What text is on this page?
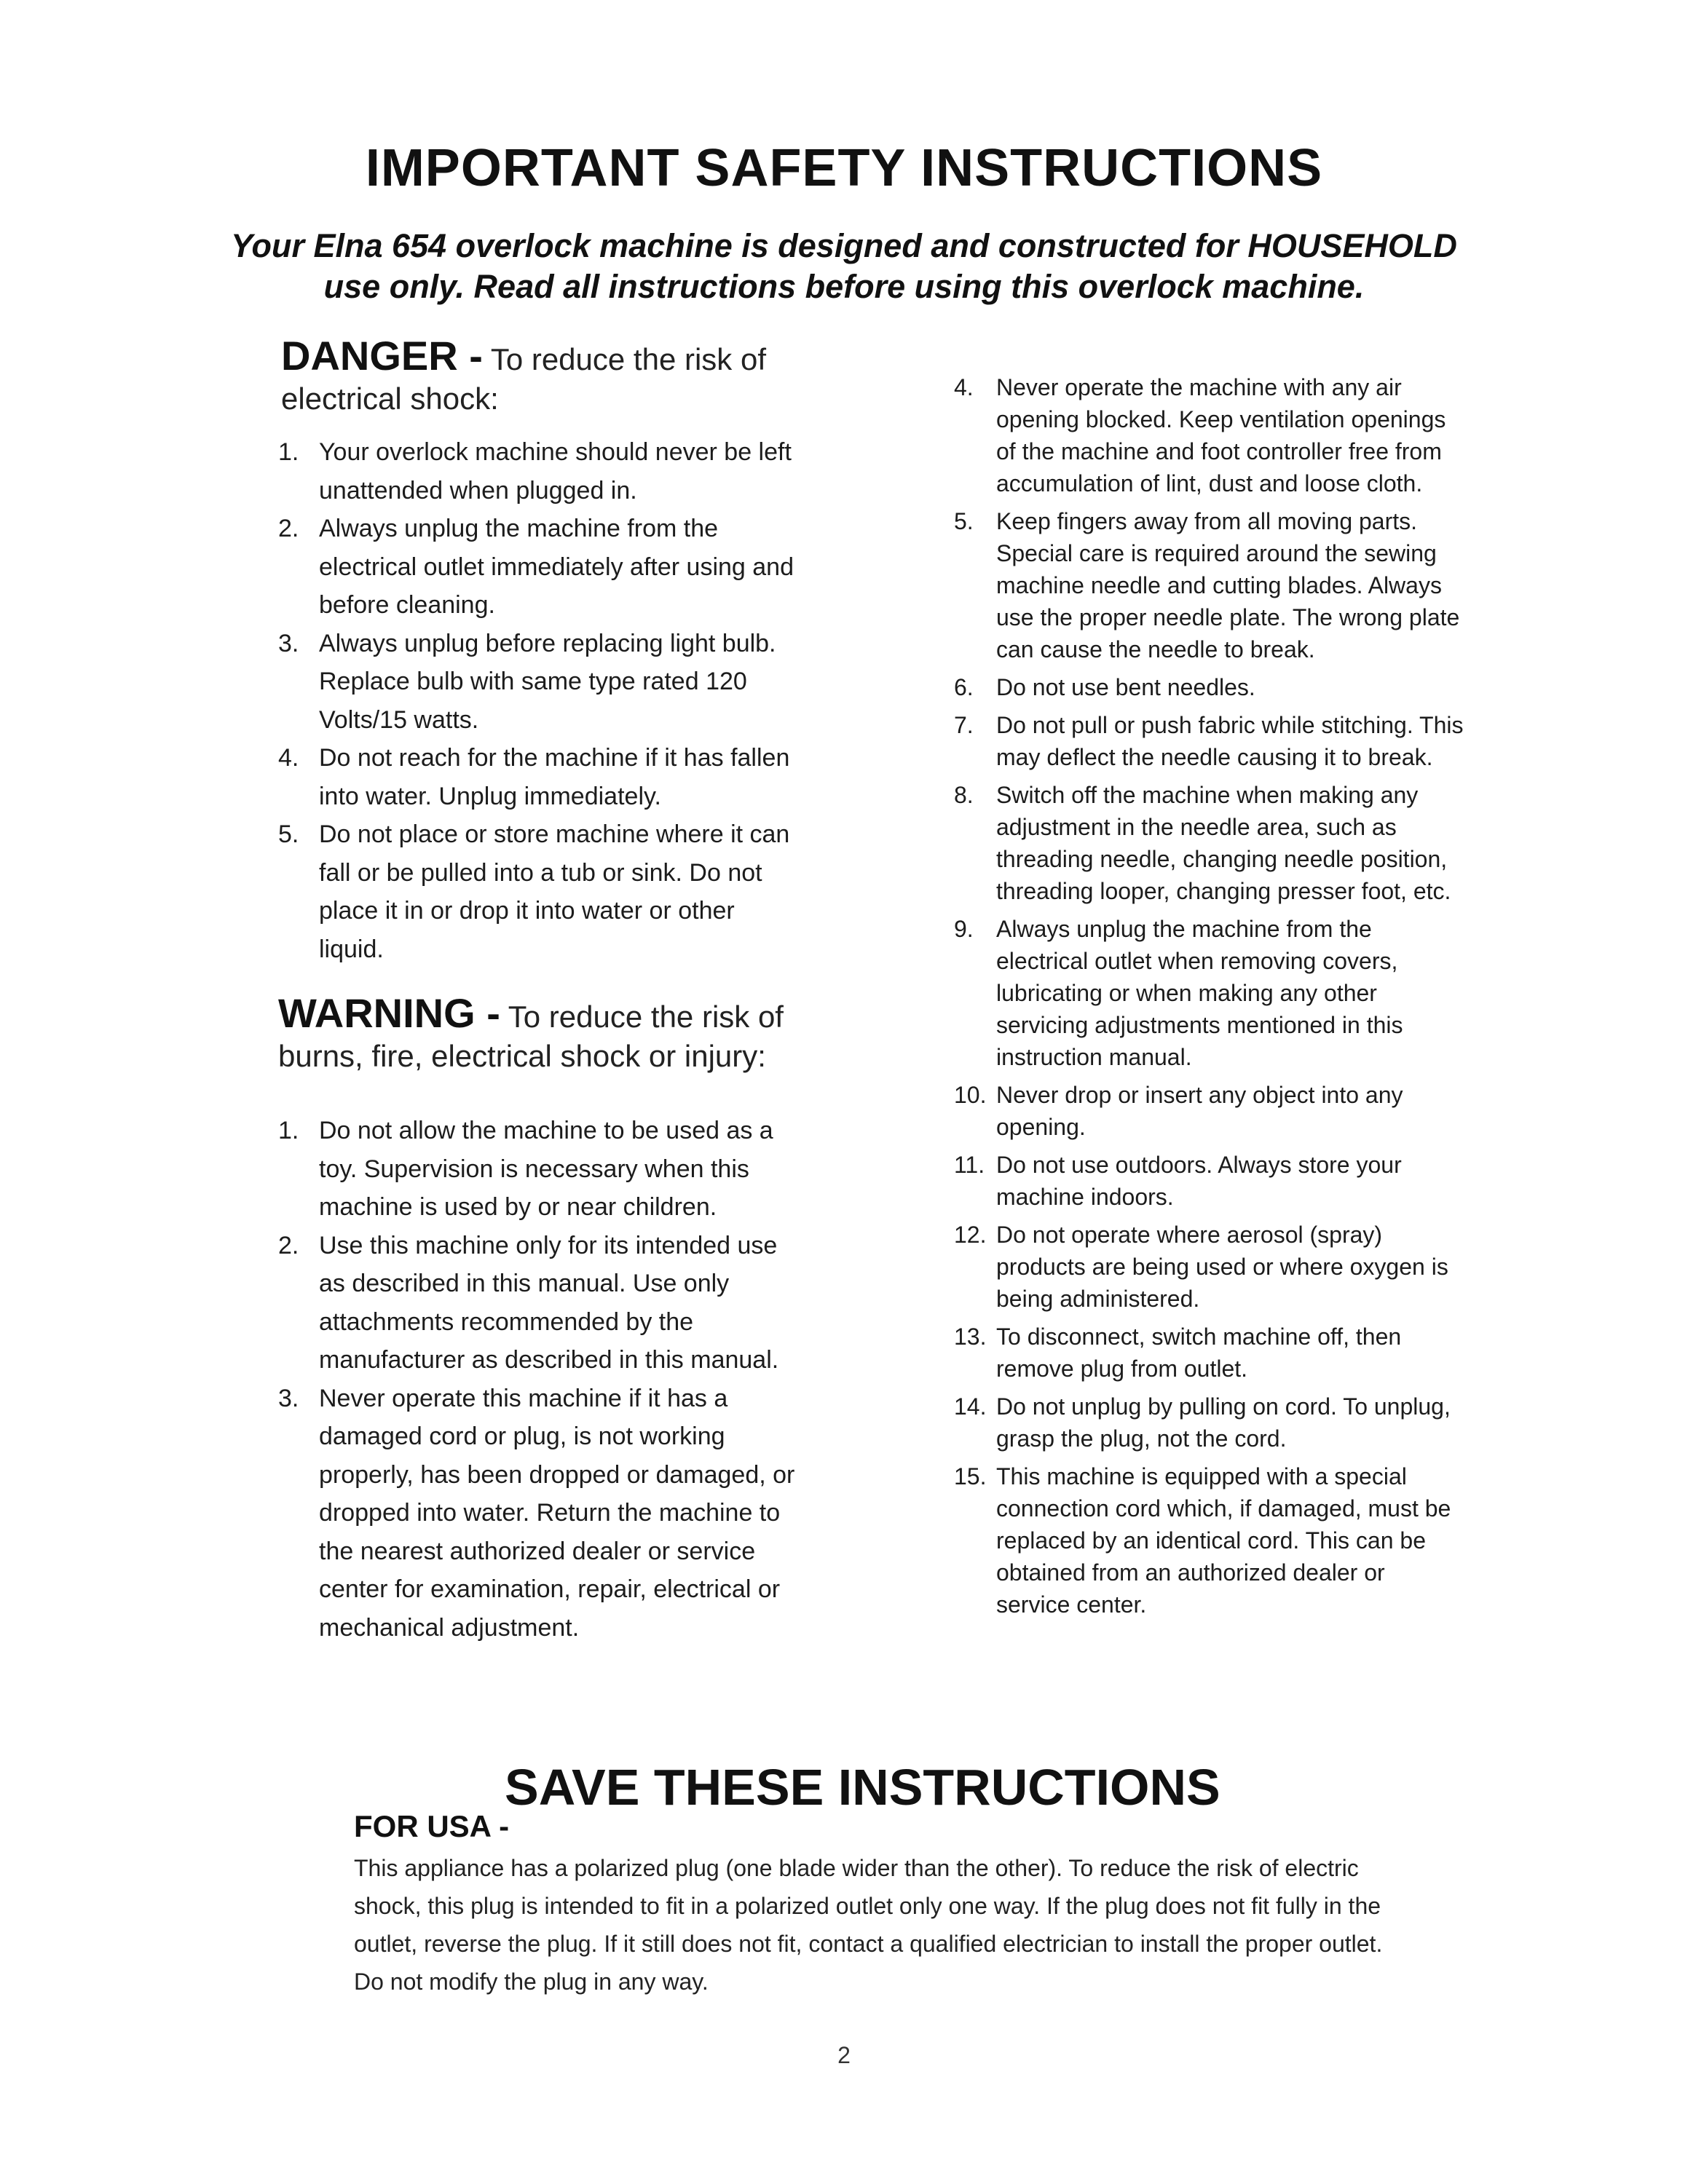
IMPORTANT SAFETY INSTRUCTIONS
Your Elna 654 overlock machine is designed and constructed for HOUSEHOLD use only. Read all instructions before using this overlock machine.
DANGER - To reduce the risk of electrical shock:
1. Your overlock machine should never be left unattended when plugged in.
2. Always unplug the machine from the electrical outlet immediately after using and before cleaning.
3. Always unplug before replacing light bulb. Replace bulb with same type rated 120 Volts/15 watts.
4. Do not reach for the machine if it has fallen into water. Unplug immediately.
5. Do not place or store machine where it can fall or be pulled into a tub or sink. Do not place it in or drop it into water or other liquid.
WARNING - To reduce the risk of burns, fire, electrical shock or injury:
1. Do not allow the machine to be used as a toy. Supervision is necessary when this machine is used by or near children.
2. Use this machine only for its intended use as described in this manual. Use only attachments recommended by the manufacturer as described in this manual.
3. Never operate this machine if it has a damaged cord or plug, is not working properly, has been dropped or damaged, or dropped into water. Return the machine to the nearest authorized dealer or service center for examination, repair, electrical or mechanical adjustment.
4. Never operate the machine with any air opening blocked. Keep ventilation openings of the machine and foot controller free from accumulation of lint, dust and loose cloth.
5. Keep fingers away from all moving parts. Special care is required around the sewing machine needle and cutting blades. Always use the proper needle plate. The wrong plate can cause the needle to break.
6. Do not use bent needles.
7. Do not pull or push fabric while stitching. This may deflect the needle causing it to break.
8. Switch off the machine when making any adjustment in the needle area, such as threading needle, changing needle position, threading looper, changing presser foot, etc.
9. Always unplug the machine from the electrical outlet when removing covers, lubricating or when making any other servicing adjustments mentioned in this instruction manual.
10. Never drop or insert any object into any opening.
11. Do not use outdoors. Always store your machine indoors.
12. Do not operate where aerosol (spray) products are being used or where oxygen is being administered.
13. To disconnect, switch machine off, then remove plug from outlet.
14. Do not unplug by pulling on cord. To unplug, grasp the plug, not the cord.
15. This machine is equipped with a special connection cord which, if damaged, must be replaced by an identical cord. This can be obtained from an authorized dealer or service center.
SAVE THESE INSTRUCTIONS
FOR USA -
This appliance has a polarized plug (one blade wider than the other). To reduce the risk of electric shock, this plug is intended to fit in a polarized outlet only one way. If the plug does not fit fully in the outlet, reverse the plug. If it still does not fit, contact a qualified electrician to install the proper outlet. Do not modify the plug in any way.
2
